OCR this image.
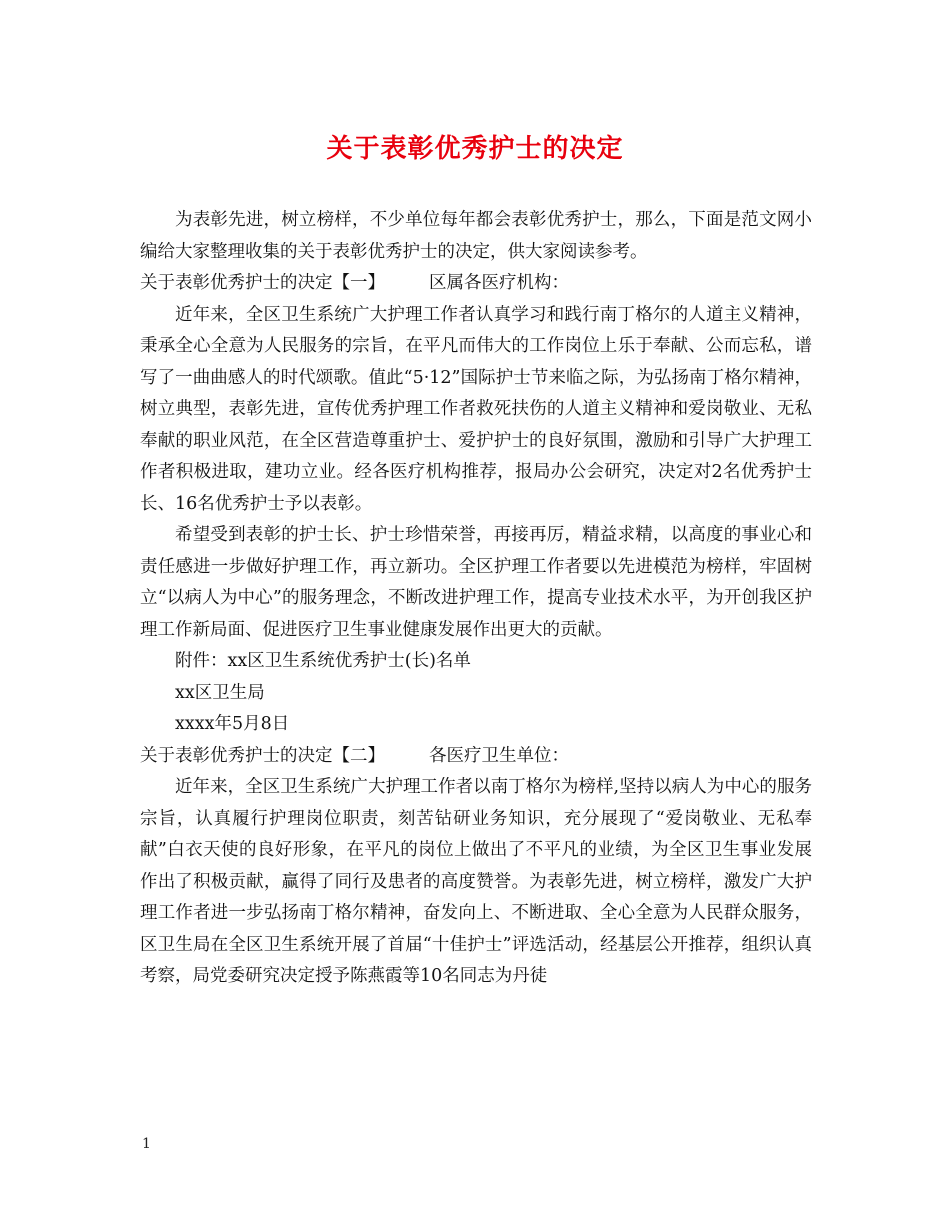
关于表彰优秀护士的决定

为表彰先进，树立榜样，不少单位每年都会表彰优秀护士，那么，下面是范文网小编给大家整理收集的关于表彰优秀护士的决定，供大家阅读参考。

关于表彰优秀护士的决定【一】	区属各医疗机构：

近年来，全区卫生系统广大护理工作者认真学习和践行南丁格尔的人道主义精神，秉承全心全意为人民服务的宗旨，在平凡而伟大的工作岗位上乐于奉献、公而忘私，谱写了一曲曲感人的时代颂歌。值此“5·12”国际护士节来临之际，为弘扬南丁格尔精神，树立典型，表彰先进，宣传优秀护理工作者救死扶伤的人道主义精神和爱岗敬业、无私奉献的职业风范，在全区营造尊重护士、爱护护士的良好氛围，激励和引导广大护理工作者积极进取，建功立业。经各医疗机构推荐，报局办公会研究，决定对2名优秀护士长、16名优秀护士予以表彰。

希望受到表彰的护士长、护士珍惜荣誉，再接再厉，精益求精，以高度的事业心和责任感进一步做好护理工作，再立新功。全区护理工作者要以先进模范为榜样，牢固树立“以病人为中心”的服务理念，不断改进护理工作，提高专业技术水平，为开创我区护理工作新局面、促进医疗卫生事业健康发展作出更大的贡献。

附件：xx区卫生系统优秀护士(长)名单

xx区卫生局

xxxx年5月8日

关于表彰优秀护士的决定【二】	各医疗卫生单位：

近年来，全区卫生系统广大护理工作者以南丁格尔为榜样,坚持以病人为中心的服务宗旨，认真履行护理岗位职责，刻苦钻研业务知识，充分展现了“爱岗敬业、无私奉献”白衣天使的良好形象，在平凡的岗位上做出了不平凡的业绩，为全区卫生事业发展作出了积极贡献，赢得了同行及患者的高度赞誉。为表彰先进，树立榜样，激发广大护理工作者进一步弘扬南丁格尔精神，奋发向上、不断进取、全心全意为人民群众服务，区卫生局在全区卫生系统开展了首届“十佳护士”评选活动，经基层公开推荐，组织认真考察，局党委研究决定授予陈燕霞等10名同志为丹徒

1
